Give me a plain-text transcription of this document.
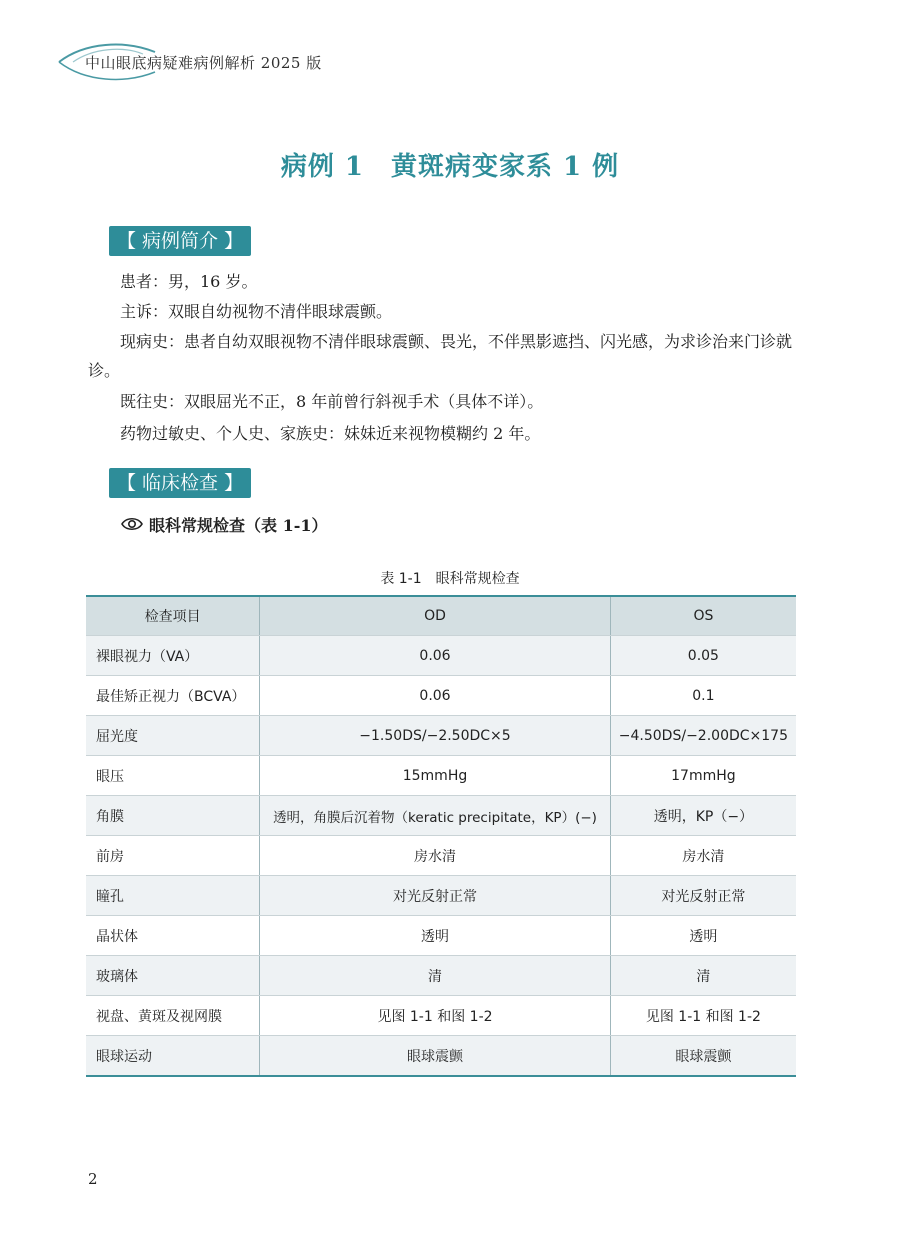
中山眼底病疑难病例解析 2025 版
病例 1　黄斑病变家系 1 例
【 病例简介 】
患者：男，16 岁。
主诉：双眼自幼视物不清伴眼球震颤。
现病史：患者自幼双眼视物不清伴眼球震颤、畏光，不伴黑影遮挡、闪光感，为求诊治来门诊就诊。
既往史：双眼屈光不正，8 年前曾行斜视手术（具体不详）。
药物过敏史、个人史、家族史：妹妹近来视物模糊约 2 年。
【 临床检查 】
眼科常规检查（表 1-1）
表 1-1　眼科常规检查
检查项目	OD	OS
裸眼视力（VA）	0.06	0.05
最佳矫正视力（BCVA）	0.06	0.1
屈光度	−1.50DS/−2.50DC×5	−4.50DS/−2.00DC×175
眼压	15mmHg	17mmHg
角膜	透明，角膜后沉着物（keratic precipitate，KP）(−)	透明，KP（−）
前房	房水清	房水清
瞳孔	对光反射正常	对光反射正常
晶状体	透明	透明
玻璃体	清	清
视盘、黄斑及视网膜	见图 1-1 和图 1-2	见图 1-1 和图 1-2
眼球运动	眼球震颤	眼球震颤
2
